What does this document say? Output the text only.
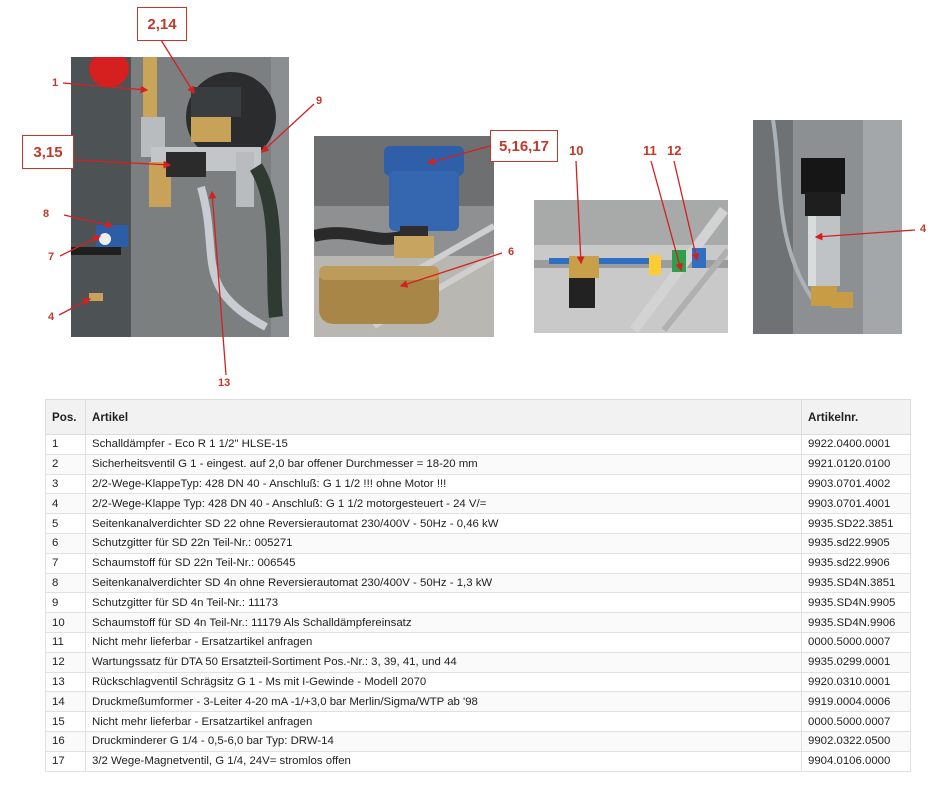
1
2,14
9
3,15
8
7
4
13
5,16,17
6
10	11 12
4
Pos.	Artikel	Artikelnr.
1	Schalldämpfer - Eco R 1 1/2" HLSE-15	9922.0400.0001
2	Sicherheitsventil G 1 - eingest. auf 2,0 bar offener Durchmesser = 18-20 mm	9921.0120.0100
3	2/2-Wege-KlappeTyp: 428 DN 40 - Anschluß: G 1 1/2 !!! ohne Motor !!!	9903.0701.4002
4	2/2-Wege-Klappe Typ: 428 DN 40 - Anschluß: G 1 1/2 motorgesteuert - 24 V/=	9903.0701.4001
5	Seitenkanalverdichter SD 22 ohne Reversierautomat 230/400V - 50Hz - 0,46 kW	9935.SD22.3851
6	Schutzgitter für SD 22n Teil-Nr.: 005271	9935.sd22.9905
7	Schaumstoff für SD 22n Teil-Nr.: 006545	9935.sd22.9906
8	Seitenkanalverdichter SD 4n ohne Reversierautomat 230/400V - 50Hz - 1,3 kW	9935.SD4N.3851
9	Schutzgitter für SD 4n Teil-Nr.: 11173	9935.SD4N.9905
10	Schaumstoff für SD 4n Teil-Nr.: 11179 Als Schalldämpfereinsatz	9935.SD4N.9906
11	Nicht mehr lieferbar - Ersatzartikel anfragen	0000.5000.0007
12	Wartungssatz für DTA 50 Ersatzteil-Sortiment Pos.-Nr.: 3, 39, 41, und 44	9935.0299.0001
13	Rückschlagventil Schrägsitz G 1 - Ms mit I-Gewinde - Modell 2070	9920.0310.0001
14	Druckmeßumformer - 3-Leiter 4-20 mA -1/+3,0 bar Merlin/Sigma/WTP ab '98	9919.0004.0006
15	Nicht mehr lieferbar - Ersatzartikel anfragen	0000.5000.0007
16	Druckminderer G 1/4 - 0,5-6,0 bar Typ: DRW-14	9902.0322.0500
17	3/2 Wege-Magnetventil, G 1/4, 24V= stromlos offen	9904.0106.0000
